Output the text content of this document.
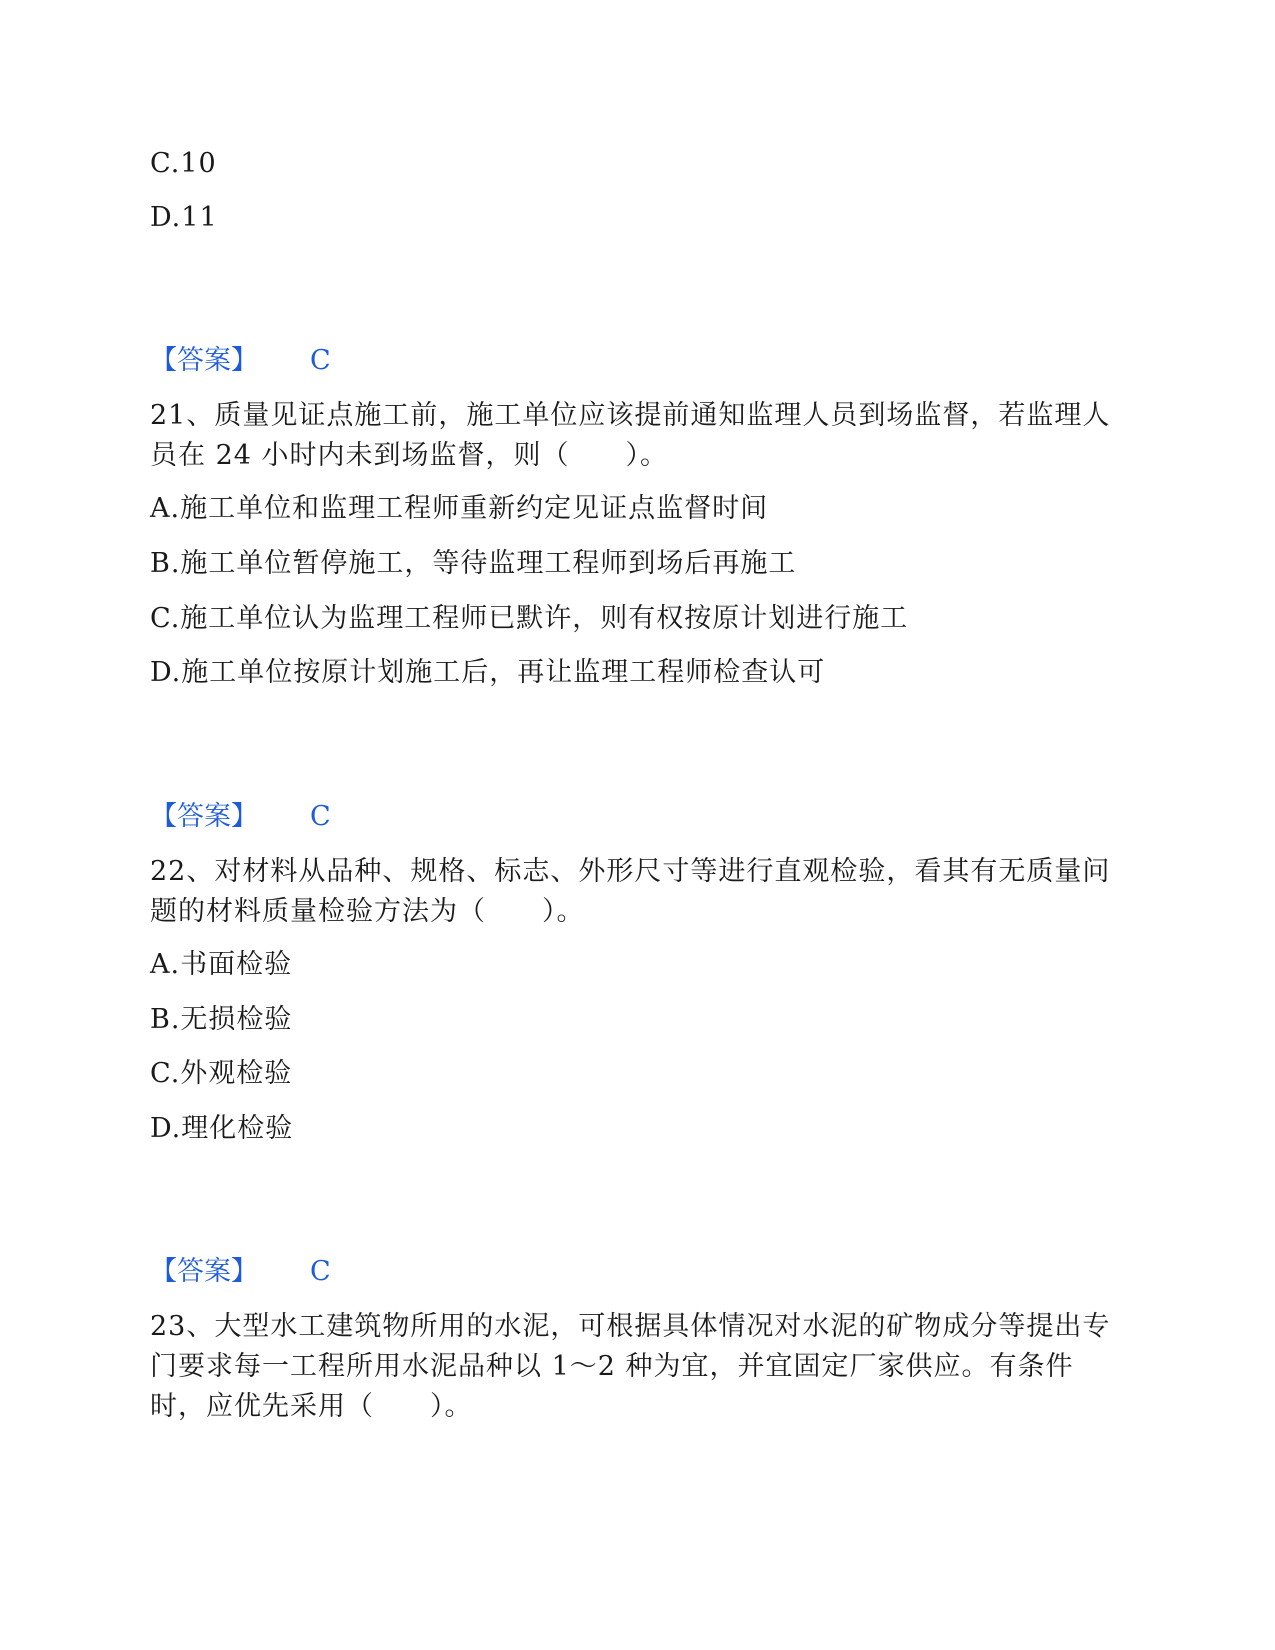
C.10
D.11
【答案】 C
21、质量见证点施工前，施工单位应该提前通知监理人员到场监督，若监理人员在 24 小时内未到场监督，则（　　）。
A.施工单位和监理工程师重新约定见证点监督时间
B.施工单位暂停施工，等待监理工程师到场后再施工
C.施工单位认为监理工程师已默许，则有权按原计划进行施工
D.施工单位按原计划施工后，再让监理工程师检查认可
【答案】 C
22、对材料从品种、规格、标志、外形尺寸等进行直观检验，看其有无质量问题的材料质量检验方法为（　　）。
A.书面检验
B.无损检验
C.外观检验
D.理化检验
【答案】 C
23、大型水工建筑物所用的水泥，可根据具体情况对水泥的矿物成分等提出专门要求每一工程所用水泥品种以 1～2 种为宜，并宜固定厂家供应。有条件时，应优先采用（　　）。
